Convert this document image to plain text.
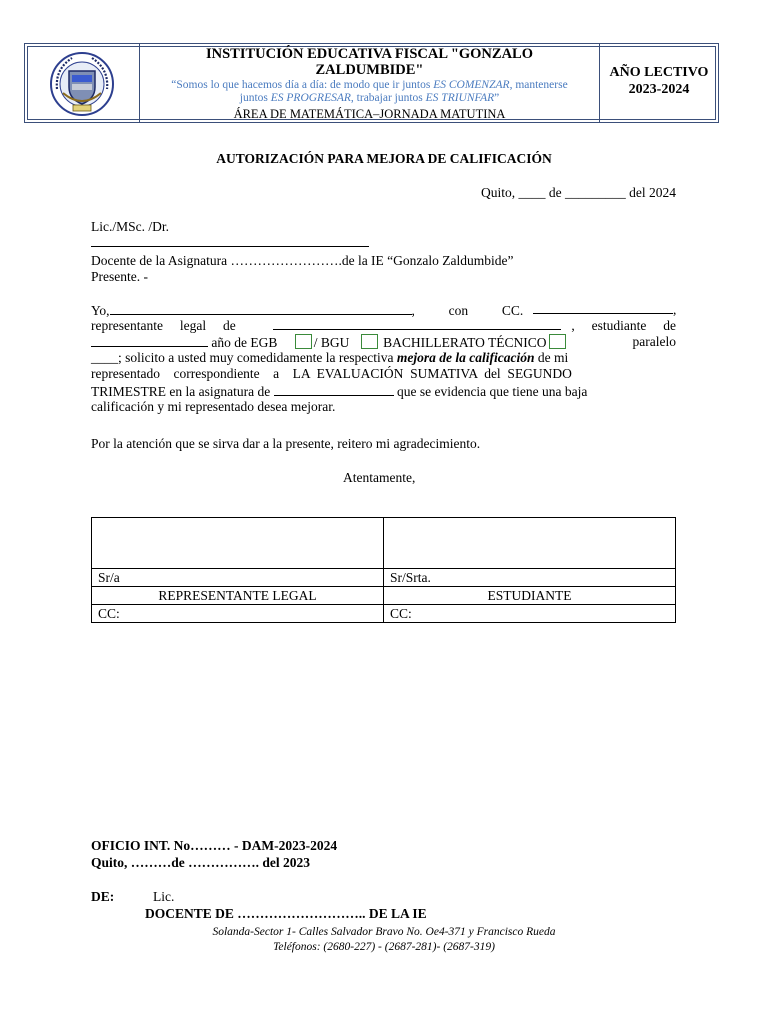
INSTITUCIÓN EDUCATIVA FISCAL "GONZALO
ZALDUMBIDE"
“Somos lo que hacemos día a día: de modo que ir juntos ES COMENZAR, mantenerse
juntos ES PROGRESAR, trabajar juntos ES TRIUNFAR”
ÁREA DE MATEMÁTICA–JORNADA MATUTINA
AÑO LECTIVO
2023-2024
AUTORIZACIÓN PARA MEJORA DE CALIFICACIÓN
Quito, ____ de _________ del 2024
Lic./MSc. /Dr.
Docente de la Asignatura …………………….de la IE “Gonzalo Zaldumbide”
Presente. -
Yo,	,          con          CC.	,
representante     legal     de	,     estudiante     de
año de EGB	/ BGU	BACHILLERATO TÉCNICO	paralelo
____; solicito a usted muy comedidamente la respectiva mejora de la calificación de mi
representado    correspondiente    a    LA  EVALUACIÓN  SUMATIVA  del  SEGUNDO
TRIMESTRE en la asignatura de	que se evidencia que tiene una baja
calificación y mi representado desea mejorar.
Por la atención que se sirva dar a la presente, reitero mi agradecimiento.
Atentamente,

Sr/a	Sr/Srta.
REPRESENTANTE LEGAL	ESTUDIANTE
CC:	CC:
OFICIO INT. No……… - DAM-2023-2024
Quito, ………de ……………. del 2023
DE:	Lic.
DOCENTE DE ……………………….. DE LA IE
Solanda-Sector 1- Calles Salvador Bravo No. Oe4-371 y Francisco Rueda
Teléfonos: (2680-227) - (2687-281)- (2687-319)
